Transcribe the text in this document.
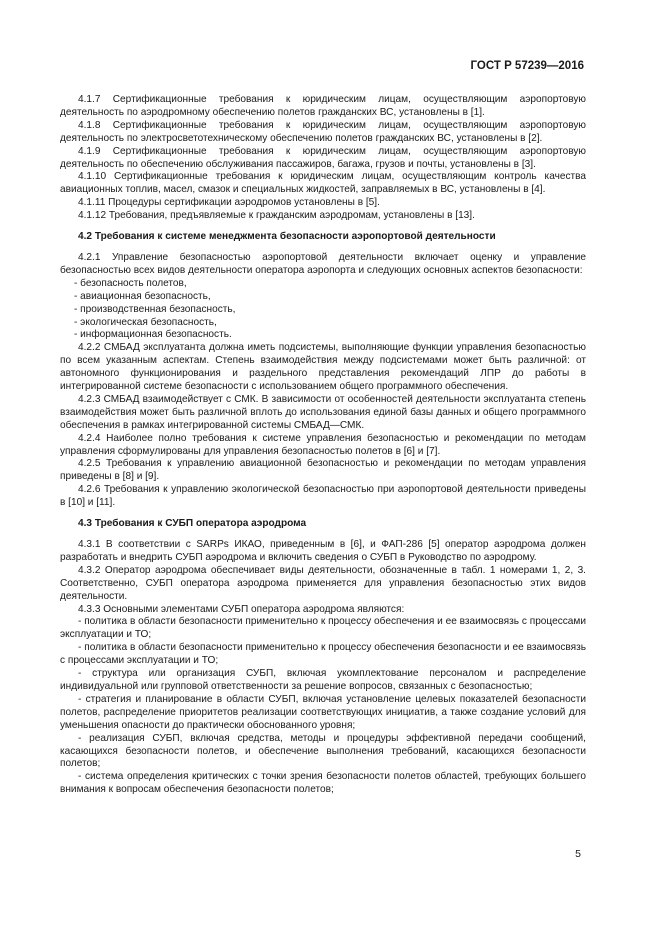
ГОСТ Р 57239—2016

4.1.7 Сертификационные требования к юридическим лицам, осуществляющим аэропортовую деятельность по аэродромному обеспечению полетов гражданских ВС, установлены в [1].

4.1.8 Сертификационные требования к юридическим лицам, осуществляющим аэропортовую деятельность по электросветотехническому обеспечению полетов гражданских ВС, установлены в [2].

4.1.9 Сертификационные требования к юридическим лицам, осуществляющим аэропортовую деятельность по обеспечению обслуживания пассажиров, багажа, грузов и почты, установлены в [3].

4.1.10 Сертификационные требования к юридическим лицам, осуществляющим контроль качества авиационных топлив, масел, смазок и специальных жидкостей, заправляемых в ВС, установлены в [4].

4.1.11 Процедуры сертификации аэродромов установлены в [5].

4.1.12 Требования, предъявляемые к гражданским аэродромам, установлены в [13].

4.2 Требования к системе менеджмента безопасности аэропортовой деятельности

4.2.1 Управление безопасностью аэропортовой деятельности включает оценку и управление безопасностью всех видов деятельности оператора аэропорта и следующих основных аспектов безопасности:

- безопасность полетов,

- авиационная безопасность,

- производственная безопасность,

- экологическая безопасность,

- информационная безопасность.

4.2.2 СМБАД эксплуатанта должна иметь подсистемы, выполняющие функции управления безопасностью по всем указанным аспектам. Степень взаимодействия между подсистемами может быть различной: от автономного функционирования и раздельного представления рекомендаций ЛПР до работы в интегрированной системе безопасности с использованием общего программного обеспечения.

4.2.3 СМБАД взаимодействует с СМК. В зависимости от особенностей деятельности эксплуатанта степень взаимодействия может быть различной вплоть до использования единой базы данных и общего программного обеспечения в рамках интегрированной системы СМБАД—СМК.

4.2.4 Наиболее полно требования к системе управления безопасностью и рекомендации по методам управления сформулированы для управления безопасностью полетов в [6] и [7].

4.2.5 Требования к управлению авиационной безопасностью и рекомендации по методам управления приведены в [8] и [9].

4.2.6 Требования к управлению экологической безопасностью при аэропортовой деятельности приведены в [10] и [11].

4.3 Требования к СУБП оператора аэродрома

4.3.1 В соответствии с SARPs ИКАО, приведенным в [6], и ФАП-286 [5] оператор аэродрома должен разработать и внедрить СУБП аэродрома и включить сведения о СУБП в Руководство по аэродрому.

4.3.2 Оператор аэродрома обеспечивает виды деятельности, обозначенные в табл. 1 номерами 1, 2, 3. Соответственно, СУБП оператора аэродрома применяется для управления безопасностью этих видов деятельности.

4.3.3 Основными элементами СУБП оператора аэродрома являются:

- политика в области безопасности применительно к процессу обеспечения и ее взаимосвязь с процессами эксплуатации и ТО;

- политика в области безопасности применительно к процессу обеспечения безопасности и ее взаимосвязь с процессами эксплуатации и ТО;

- структура или организация СУБП, включая укомплектование персоналом и распределение индивидуальной или групповой ответственности за решение вопросов, связанных с безопасностью;

- стратегия и планирование в области СУБП, включая установление целевых показателей безопасности полетов, распределение приоритетов реализации соответствующих инициатив, а также создание условий для уменьшения опасности до практически обоснованного уровня;

- реализация СУБП, включая средства, методы и процедуры эффективной передачи сообщений, касающихся безопасности полетов, и обеспечение выполнения требований, касающихся безопасности полетов;

- система определения критических с точки зрения безопасности полетов областей, требующих большего внимания к вопросам обеспечения безопасности полетов;

5
